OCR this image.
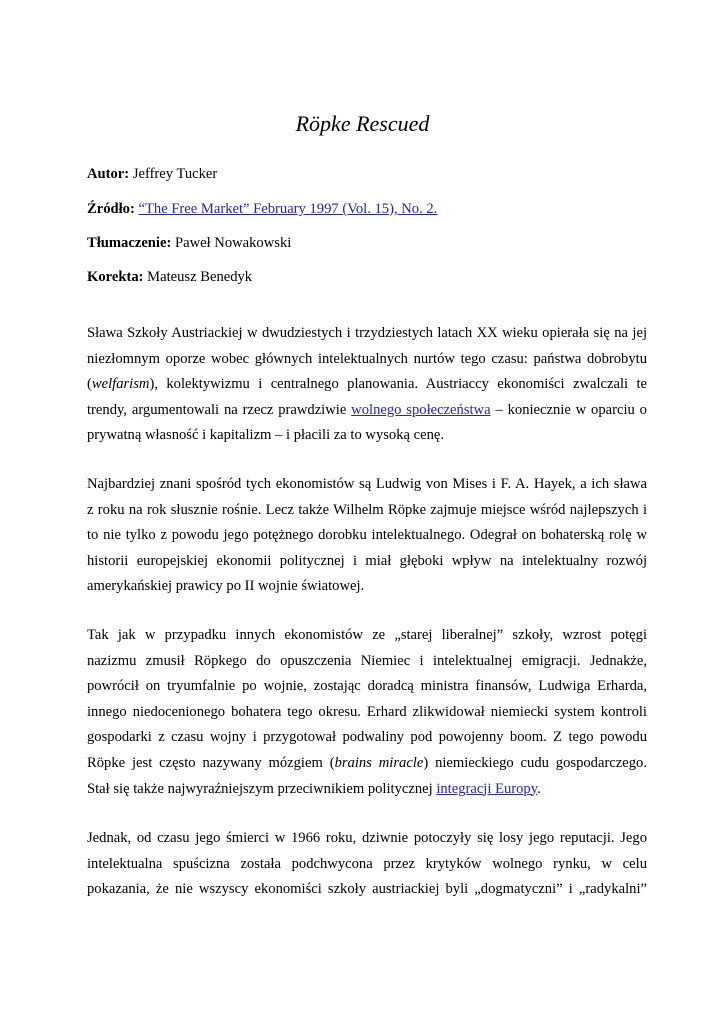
Röpke Rescued
Autor: Jeffrey Tucker
Źródło: “The Free Market” February 1997 (Vol. 15), No. 2.
Tłumaczenie: Paweł Nowakowski
Korekta: Mateusz Benedyk
Sława Szkoły Austriackiej w dwudziestych i trzydziestych latach XX wieku opierała się na jej
niezłomnym oporze wobec głównych intelektualnych nurtów tego czasu: państwa dobrobytu
(welfarism), kolektywizmu i centralnego planowania. Austriaccy ekonomiści zwalczali te
trendy, argumentowali na rzecz prawdziwie wolnego społeczeństwa – koniecznie w oparciu o
prywatną własność i kapitalizm – i płacili za to wysoką cenę.
Najbardziej znani spośród tych ekonomistów są Ludwig von Mises i F. A. Hayek, a ich sława
z roku na rok słusznie rośnie. Lecz także Wilhelm Röpke zajmuje miejsce wśród najlepszych i
to nie tylko z powodu jego potężnego dorobku intelektualnego. Odegrał on bohaterską rolę w
historii europejskiej ekonomii politycznej i miał głęboki wpływ na intelektualny rozwój
amerykańskiej prawicy po II wojnie światowej.
Tak jak w przypadku innych ekonomistów ze „starej liberalnej” szkoły, wzrost potęgi
nazizmu zmusił Röpkego do opuszczenia Niemiec i intelektualnej emigracji. Jednakże,
powrócił on tryumfalnie po wojnie, zostając doradcą ministra finansów, Ludwiga Erharda,
innego niedocenionego bohatera tego okresu. Erhard zlikwidował niemiecki system kontroli
gospodarki z czasu wojny i przygotował podwaliny pod powojenny boom. Z tego powodu
Röpke jest często nazywany mózgiem (brains miracle) niemieckiego cudu gospodarczego.
Stał się także najwyraźniejszym przeciwnikiem politycznej integracji Europy.
Jednak, od czasu jego śmierci w 1966 roku, dziwnie potoczyły się losy jego reputacji. Jego
intelektualna spuścizna została podchwycona przez krytyków wolnego rynku, w celu
pokazania, że nie wszyscy ekonomiści szkoły austriackiej byli „dogmatyczni” i „radykalni”
